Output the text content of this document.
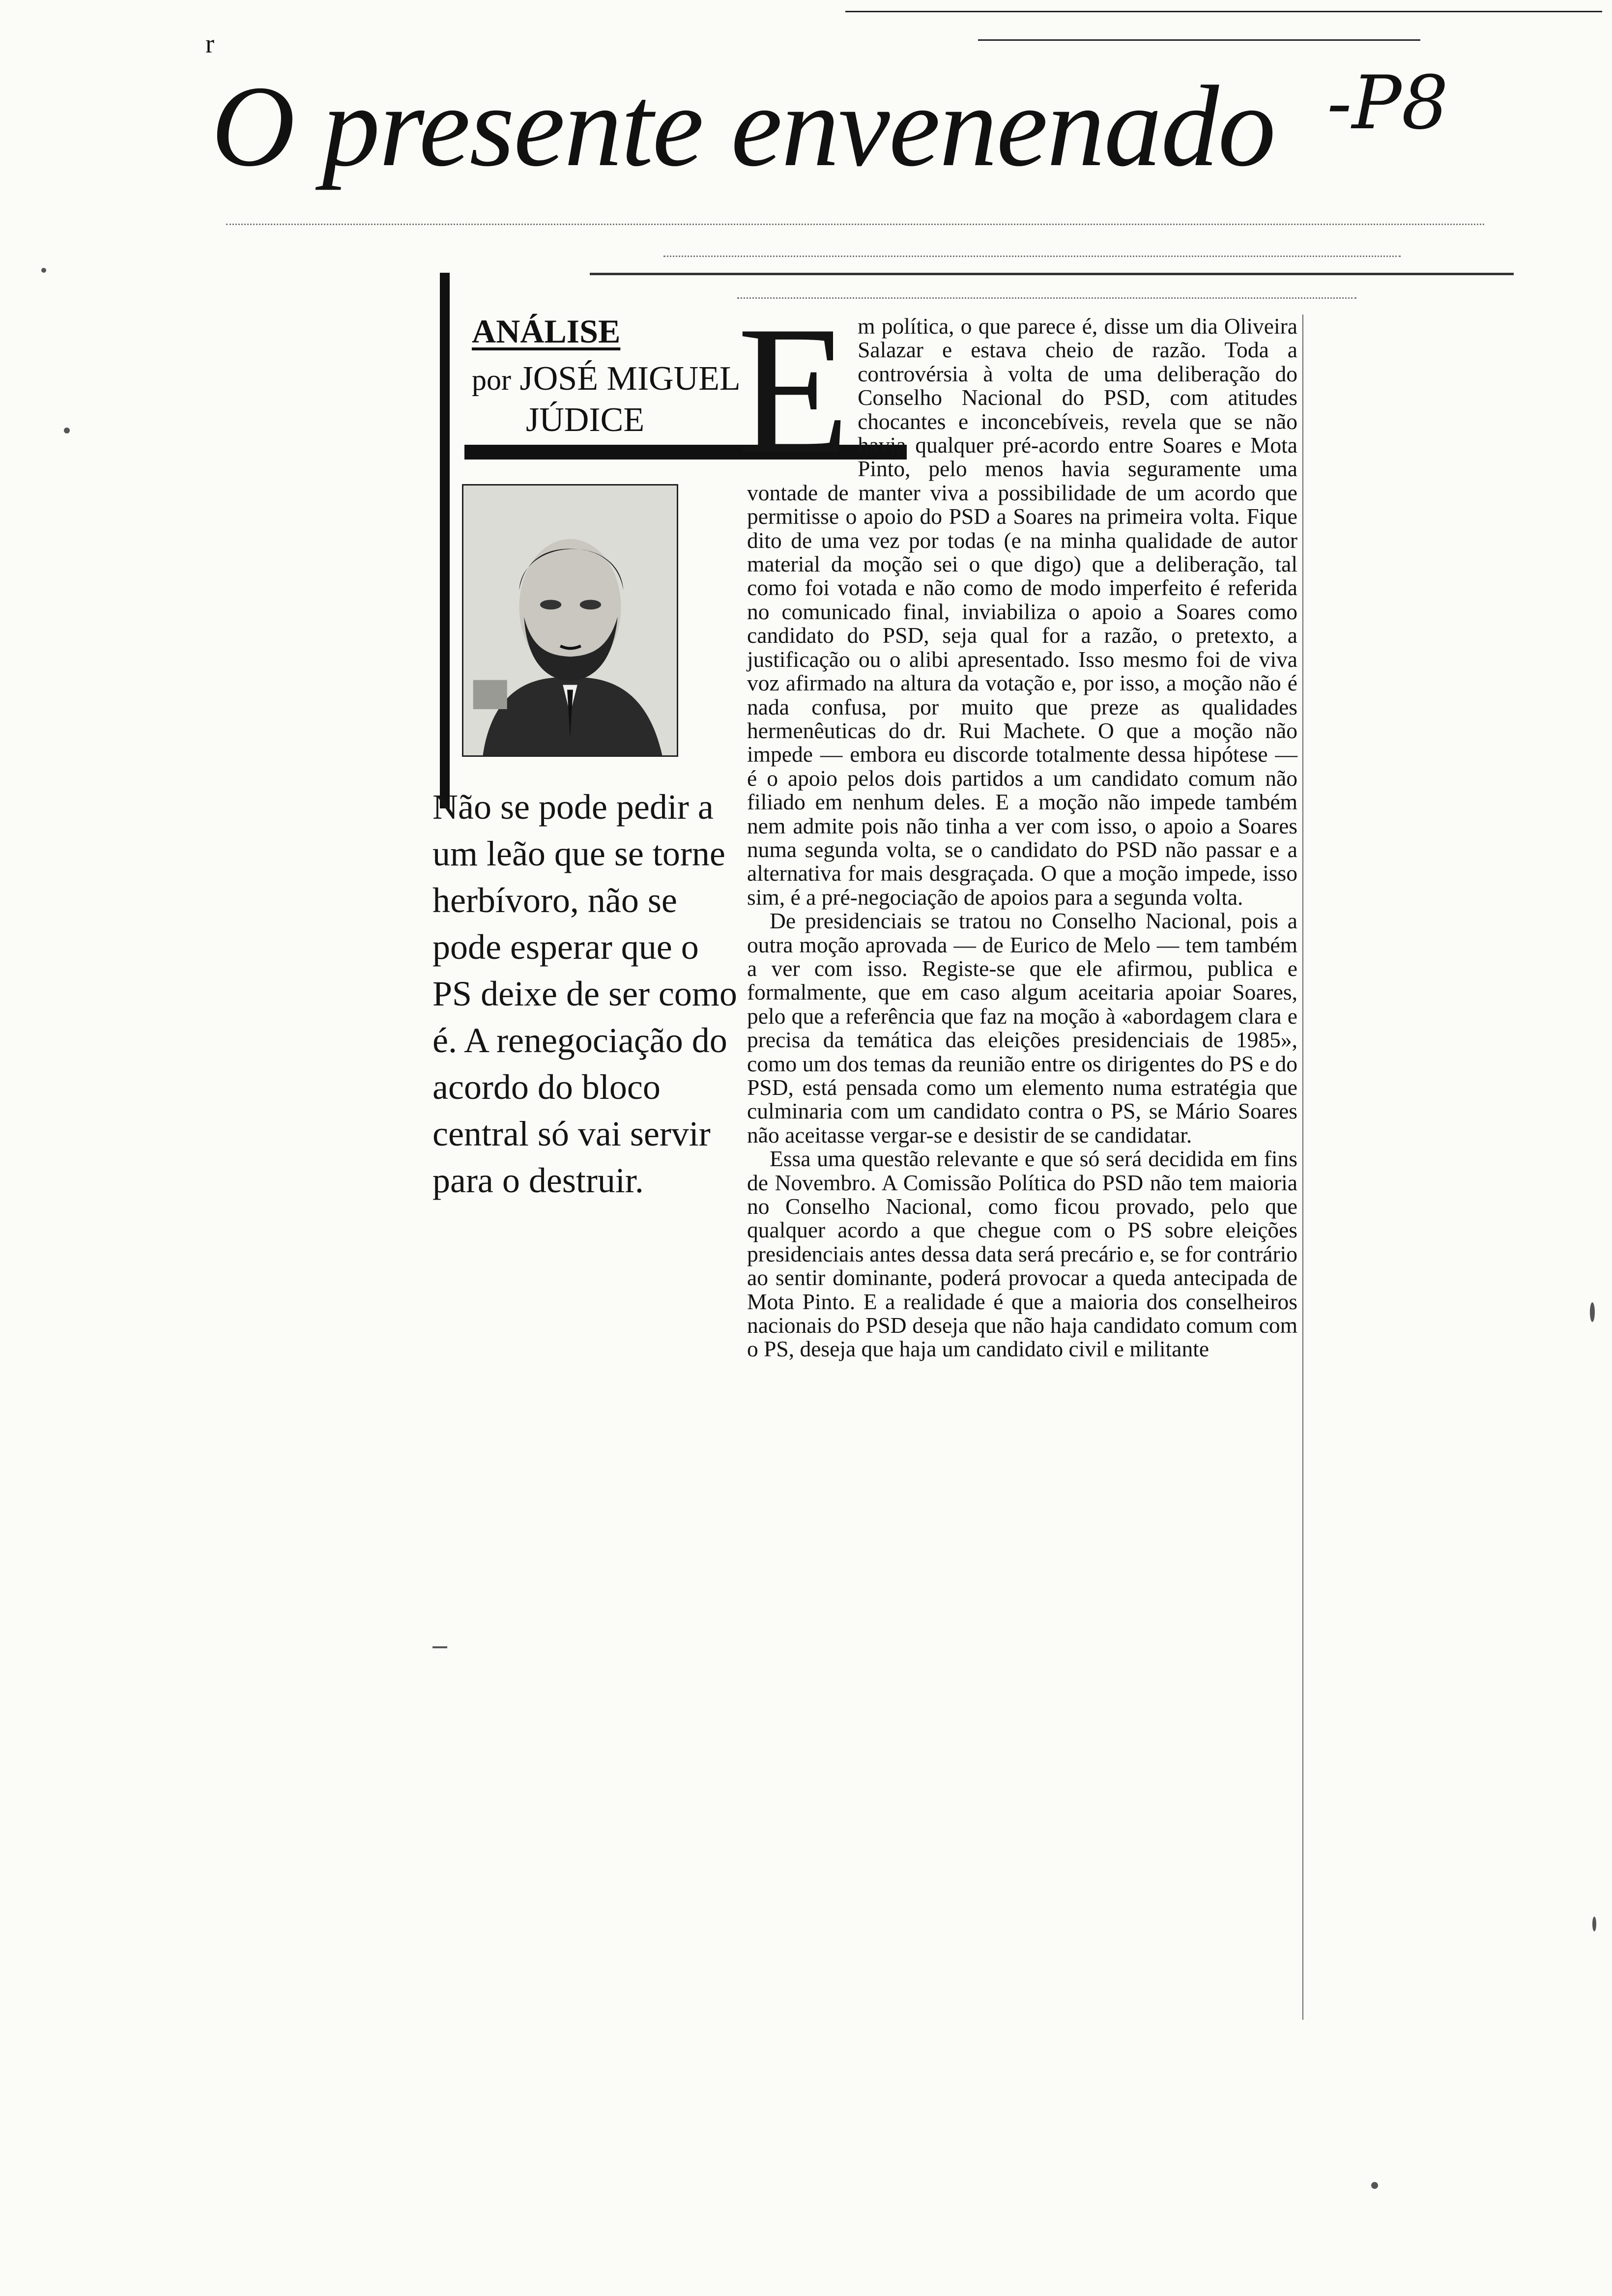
r
O presente envenenado -P8
ANÁLISE
por JOSÉ MIGUEL
JÚDICE
Não se pode pedir a um leão que se torne herbívoro, não se pode esperar que o PS deixe de ser como é. A renegociação do acordo do bloco central só vai servir para o destruir.

E m política, o que parece é, disse um dia Oliveira Salazar e estava cheio de razão. Toda a controvérsia à volta de uma deliberação do Conselho Nacional do PSD, com atitudes chocantes e inconcebíveis, revela que se não havia qualquer pré-acordo entre Soares e Mota Pinto, pelo menos havia seguramente uma vontade de manter viva a possibilidade de um acordo que permitisse o apoio do PSD a Soares na primeira volta. Fique dito de uma vez por todas (e na minha qualidade de autor material da moção sei o que digo) que a deliberação, tal como foi votada e não como de modo imperfeito é referida no comunicado final, inviabiliza o apoio a Soares como candidato do PSD, seja qual for a razão, o pretexto, a justificação ou o alibi apresentado. Isso mesmo foi de viva voz afirmado na altura da votação e, por isso, a moção não é nada confusa, por muito que preze as qualidades hermenêuticas do dr. Rui Machete. O que a moção não impede — embora eu discorde totalmente dessa hipótese — é o apoio pelos dois partidos a um candidato comum não filiado em nenhum deles. E a moção não impede também nem admite pois não tinha a ver com isso, o apoio a Soares numa segunda volta, se o candidato do PSD não passar e a alternativa for mais desgraçada. O que a moção impede, isso sim, é a pré-negociação de apoios para a segunda volta.

De presidenciais se tratou no Conselho Nacional, pois a outra moção aprovada — de Eurico de Melo — tem também a ver com isso. Registe-se que ele afirmou, publica e formalmente, que em caso algum aceitaria apoiar Soares, pelo que a referência que faz na moção à «abordagem clara e precisa da temática das eleições presidenciais de 1985», como um dos temas da reunião entre os dirigentes do PS e do PSD, está pensada como um elemento numa estratégia que culminaria com um candidato contra o PS, se Mário Soares não aceitasse vergar-se e desistir de se candidatar.

Essa uma questão relevante e que só será decidida em fins de Novembro. A Comissão Política do PSD não tem maioria no Conselho Nacional, como ficou provado, pelo que qualquer acordo a que chegue com o PS sobre eleições presidenciais antes dessa data será precário e, se for contrário ao sentir dominante, poderá provocar a queda antecipada de Mota Pinto. E a realidade é que a maioria dos conselheiros nacionais do PSD deseja que não haja candidato comum com o PS, deseja que haja um candidato civil e militante
